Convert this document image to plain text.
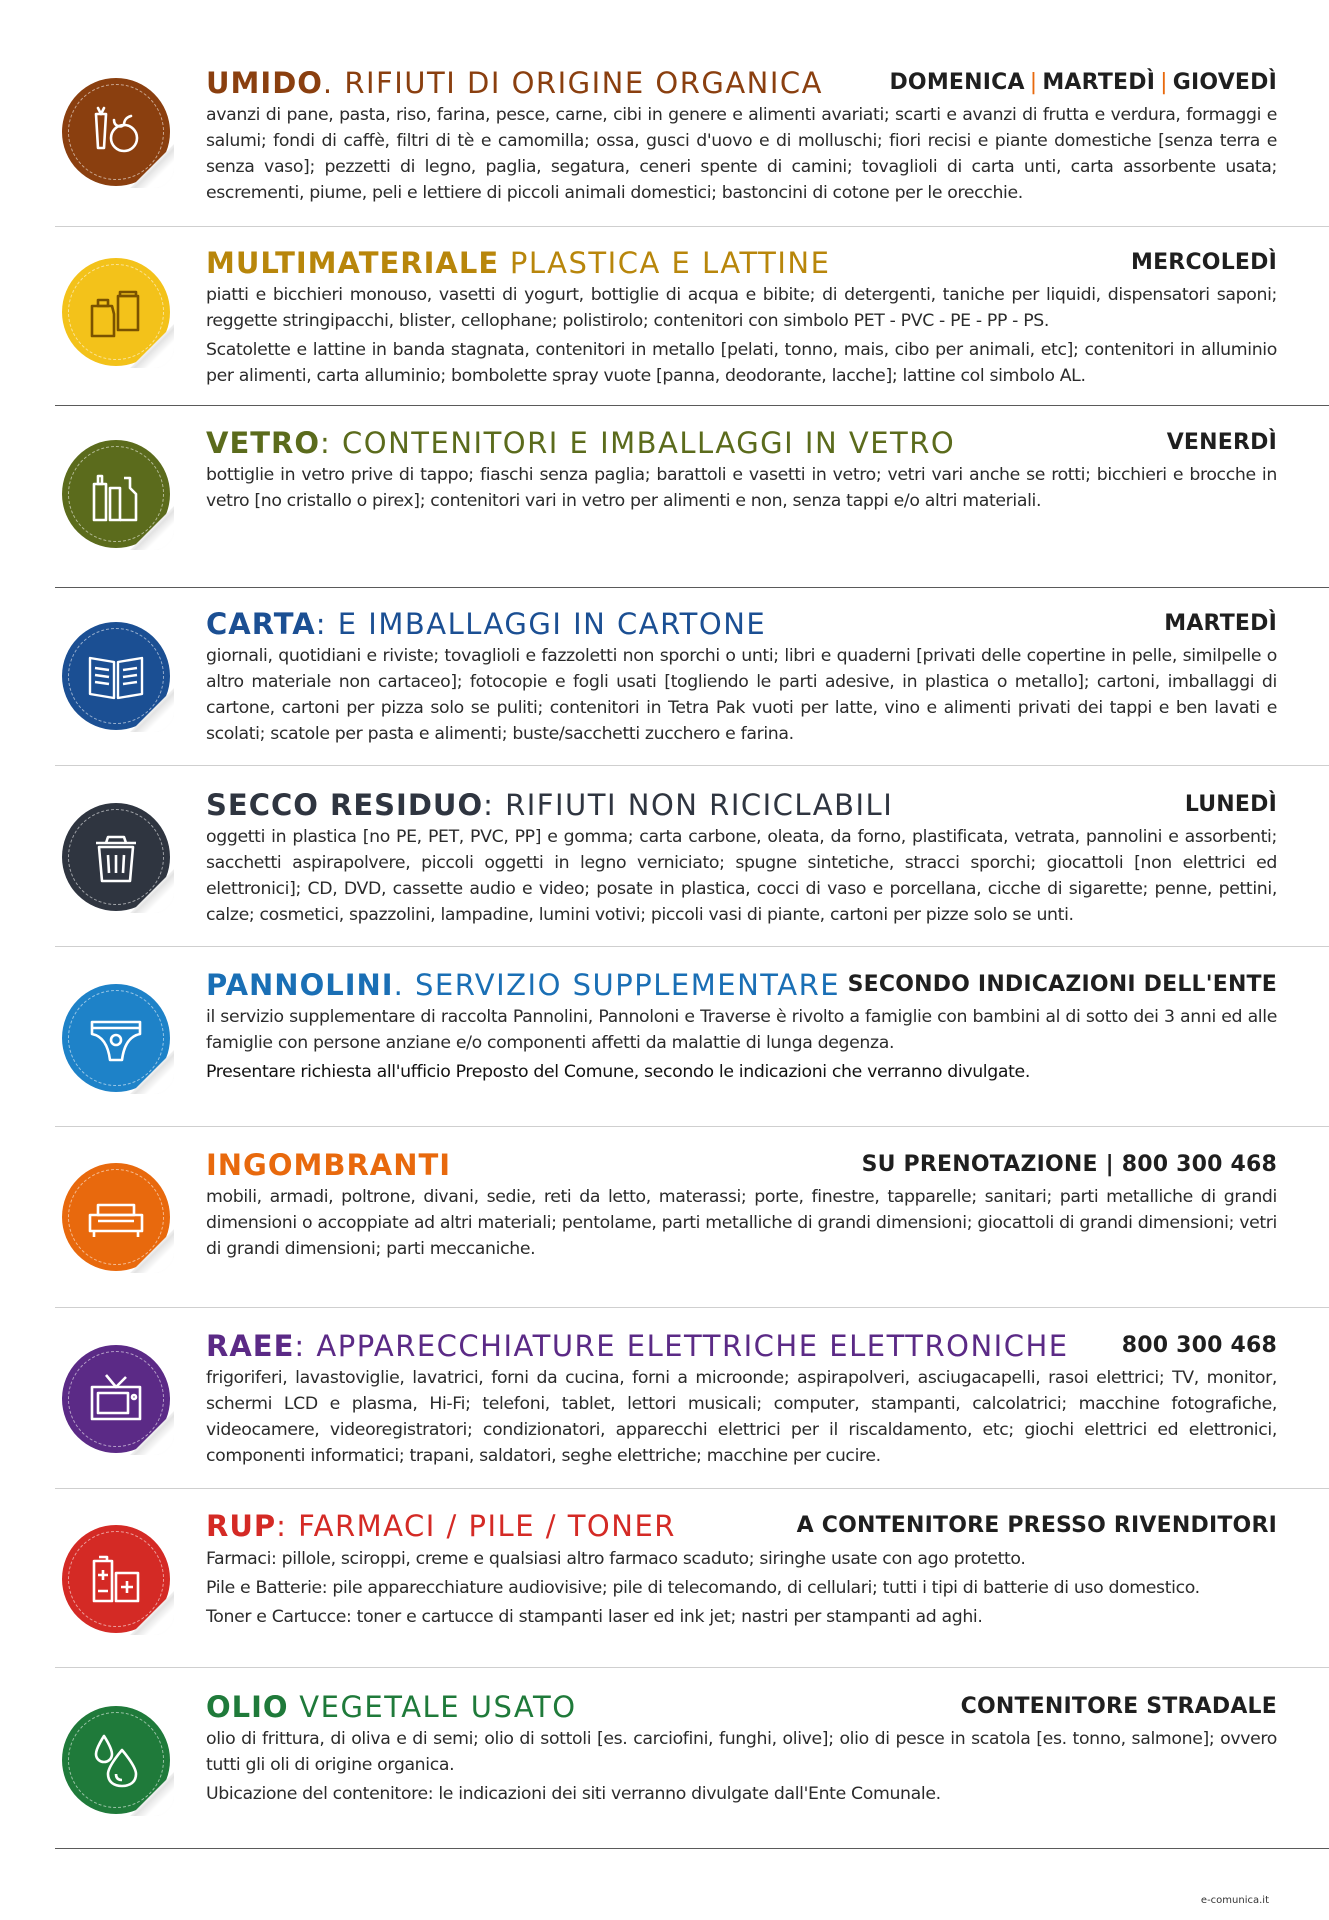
UMIDO. RIFIUTI DI ORIGINE ORGANICA	DOMENICA | MARTEDÌ | GIOVEDÌ

avanzi di pane, pasta, riso, farina, pesce, carne, cibi in genere e alimenti avariati; scarti e avanzi di frutta e verdura, formaggi e salumi; fondi di caffè, filtri di tè e camomilla; ossa, gusci d'uovo e di molluschi; fiori recisi e piante domestiche [senza terra e senza vaso]; pezzetti di legno, paglia, segatura, ceneri spente di camini; tovaglioli di carta unti, carta assorbente usata; escrementi, piume, peli e lettiere di piccoli animali domestici; bastoncini di cotone per le orecchie.

MULTIMATERIALE PLASTICA E LATTINE	MERCOLEDÌ

piatti e bicchieri monouso, vasetti di yogurt, bottiglie di acqua e bibite; di detergenti, taniche per liquidi, dispensatori saponi; reggette stringipacchi, blister, cellophane; polistirolo; contenitori con simbolo PET - PVC - PE - PP - PS.

Scatolette e lattine in banda stagnata, contenitori in metallo [pelati, tonno, mais, cibo per animali, etc]; contenitori in alluminio per alimenti, carta alluminio; bombolette spray vuote [panna, deodorante, lacche]; lattine col simbolo AL.

VETRO: CONTENITORI E IMBALLAGGI IN VETRO	VENERDÌ

bottiglie in vetro prive di tappo; fiaschi senza paglia; barattoli e vasetti in vetro; vetri vari anche se rotti; bicchieri e brocche in vetro [no cristallo o pirex]; contenitori vari in vetro per alimenti e non, senza tappi e/o altri materiali.

CARTA: E IMBALLAGGI IN CARTONE	MARTEDÌ

giornali, quotidiani e riviste; tovaglioli e fazzoletti non sporchi o unti; libri e quaderni [privati delle copertine in pelle, similpelle o altro materiale non cartaceo]; fotocopie e fogli usati [togliendo le parti adesive, in plastica o metallo]; cartoni, imballaggi di cartone, cartoni per pizza solo se puliti; contenitori in Tetra Pak vuoti per latte, vino e alimenti privati dei tappi e ben lavati e scolati; scatole per pasta e alimenti; buste/sacchetti zucchero e farina.

SECCO RESIDUO: RIFIUTI NON RICICLABILI	LUNEDÌ

oggetti in plastica [no PE, PET, PVC, PP] e gomma; carta carbone, oleata, da forno, plastificata, vetrata, pannolini e assorbenti; sacchetti aspirapolvere, piccoli oggetti in legno verniciato; spugne sintetiche, stracci sporchi; giocattoli [non elettrici ed elettronici]; CD, DVD, cassette audio e video; posate in plastica, cocci di vaso e porcellana, cicche di sigarette; penne, pettini, calze; cosmetici, spazzolini, lampadine, lumini votivi; piccoli vasi di piante, cartoni per pizze solo se unti.

PANNOLINI. SERVIZIO SUPPLEMENTARE SECONDO INDICAZIONI DELL'ENTE

il servizio supplementare di raccolta Pannolini, Pannoloni e Traverse è rivolto a famiglie con bambini al di sotto dei 3 anni ed alle famiglie con persone anziane e/o componenti affetti da malattie di lunga degenza.

Presentare richiesta all'ufficio Preposto del Comune, secondo le indicazioni che verranno divulgate.

INGOMBRANTI	SU PRENOTAZIONE | 800 300 468

mobili, armadi, poltrone, divani, sedie, reti da letto, materassi; porte, finestre, tapparelle; sanitari; parti metalliche di grandi dimensioni o accoppiate ad altri materiali; pentolame, parti metalliche di grandi dimensioni; giocattoli di grandi dimensioni; vetri di grandi dimensioni; parti meccaniche.

RAEE: APPARECCHIATURE ELETTRICHE ELETTRONICHE 800 300 468

frigoriferi, lavastoviglie, lavatrici, forni da cucina, forni a microonde; aspirapolveri, asciugacapelli, rasoi elettrici; TV, monitor, schermi LCD e plasma, Hi-Fi; telefoni, tablet, lettori musicali; computer, stampanti, calcolatrici; macchine fotografiche, videocamere, videoregistratori; condizionatori, apparecchi elettrici per il riscaldamento, etc; giochi elettrici ed elettronici, componenti informatici; trapani, saldatori, seghe elettriche; macchine per cucire.

RUP: FARMACI / PILE / TONER	A CONTENITORE PRESSO RIVENDITORI

Farmaci: pillole, sciroppi, creme e qualsiasi altro farmaco scaduto; siringhe usate con ago protetto.

Pile e Batterie: pile apparecchiature audiovisive; pile di telecomando, di cellulari; tutti i tipi di batterie di uso domestico.

Toner e Cartucce: toner e cartucce di stampanti laser ed ink jet; nastri per stampanti ad aghi.

OLIO VEGETALE USATO	CONTENITORE STRADALE

olio di frittura, di oliva e di semi; olio di sottoli [es. carciofini, funghi, olive]; olio di pesce in scatola [es. tonno, salmone]; ovvero tutti gli oli di origine organica.

Ubicazione del contenitore: le indicazioni dei siti verranno divulgate dall'Ente Comunale.

e-comunica.it
